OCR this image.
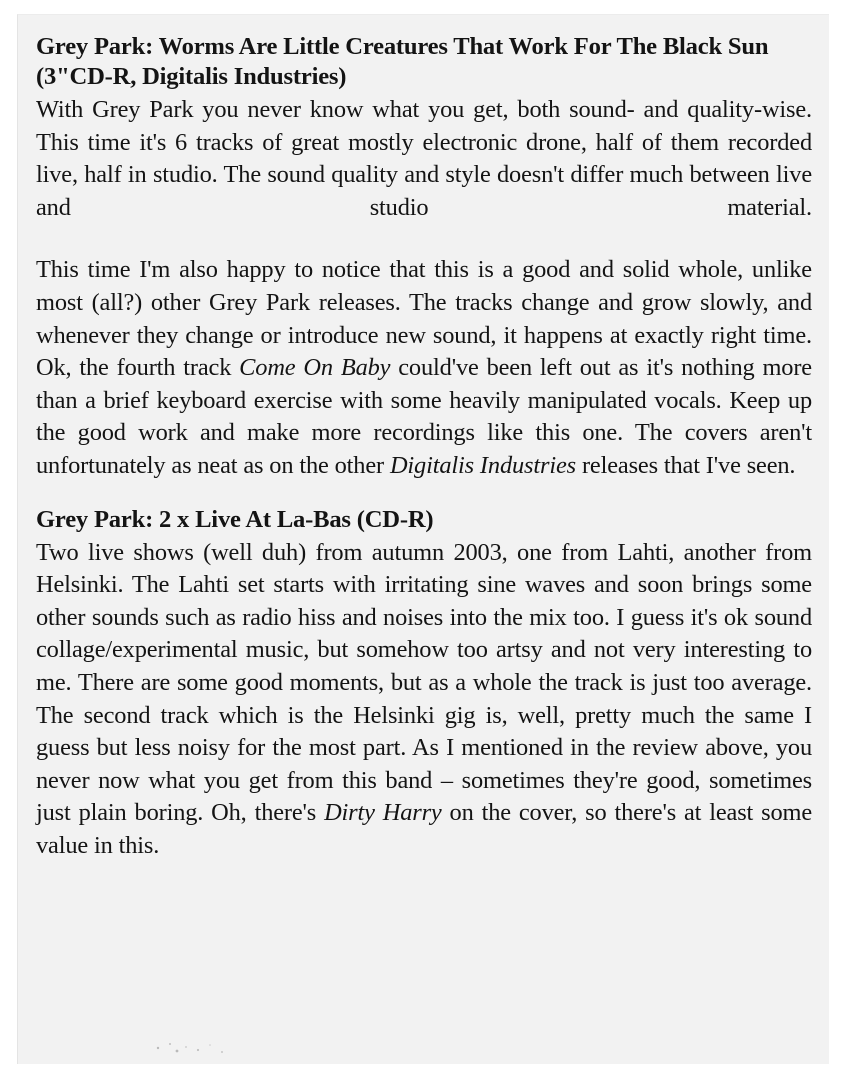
Grey Park: Worms Are Little Creatures That Work For The Black Sun (3"CD-R, Digitalis Industries)

With Grey Park you never know what you get, both sound- and quality-wise. This time it's 6 tracks of great mostly electronic drone, half of them recorded live, half in studio. The sound quality and style doesn't differ much between live and studio material.

This time I'm also happy to notice that this is a good and solid whole, unlike most (all?) other Grey Park releases. The tracks change and grow slowly, and whenever they change or introduce new sound, it happens at exactly right time. Ok, the fourth track Come On Baby could've been left out as it's nothing more than a brief keyboard exercise with some heavily manipulated vocals. Keep up the good work and make more recordings like this one. The covers aren't unfortunately as neat as on the other Digitalis Industries releases that I've seen.

Grey Park: 2 x Live At La-Bas (CD-R)

Two live shows (well duh) from autumn 2003, one from Lahti, another from Helsinki. The Lahti set starts with irritating sine waves and soon brings some other sounds such as radio hiss and noises into the mix too. I guess it's ok sound collage/experimental music, but somehow too artsy and not very interesting to me. There are some good moments, but as a whole the track is just too average. The second track which is the Helsinki gig is, well, pretty much the same I guess but less noisy for the most part. As I mentioned in the review above, you never now what you get from this band – sometimes they're good, sometimes just plain boring. Oh, there's Dirty Harry on the cover, so there's at least some value in this.
